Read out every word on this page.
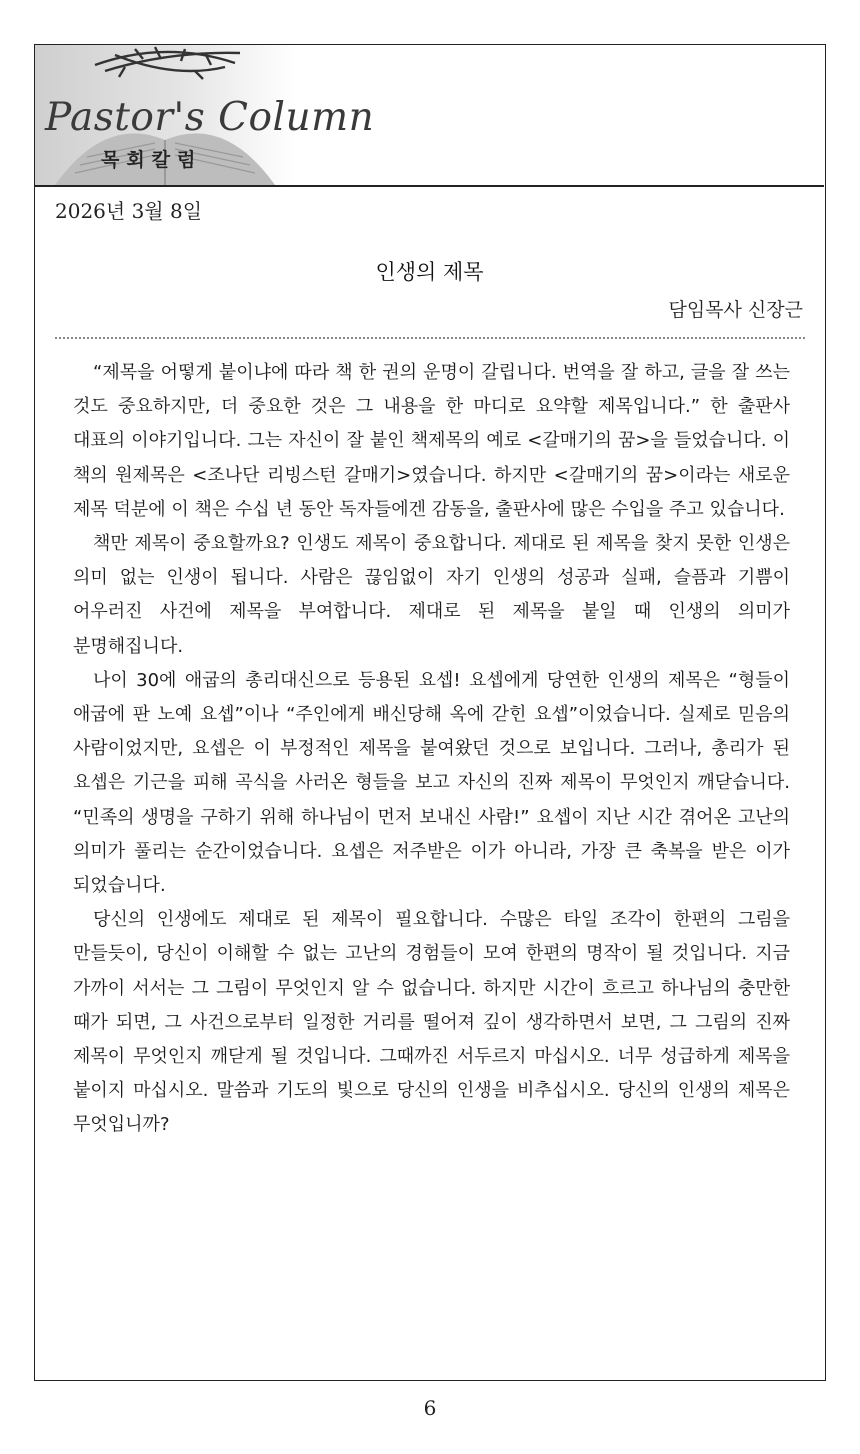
Pastor's Column
목회칼럼
2026년 3월 8일
인생의 제목
담임목사 신장근

“제목을 어떻게 붙이냐에 따라 책 한 권의 운명이 갈립니다. 번역을 잘 하고, 글을 잘 쓰는 것도 중요하지만, 더 중요한 것은 그 내용을 한 마디로 요약할 제목입니다.” 한 출판사 대표의 이야기입니다. 그는 자신이 잘 붙인 책제목의 예로 <갈매기의 꿈>을 들었습니다. 이 책의 원제목은 <조나단 리빙스턴 갈매기>였습니다. 하지만 <갈매기의 꿈>이라는 새로운 제목 덕분에 이 책은 수십 년 동안 독자들에겐 감동을, 출판사에 많은 수입을 주고 있습니다.

책만 제목이 중요할까요? 인생도 제목이 중요합니다. 제대로 된 제목을 찾지 못한 인생은 의미 없는 인생이 됩니다. 사람은 끊임없이 자기 인생의 성공과 실패, 슬픔과 기쁨이 어우러진 사건에 제목을 부여합니다. 제대로 된 제목을 붙일 때 인생의 의미가 분명해집니다.

나이 30에 애굽의 총리대신으로 등용된 요셉! 요셉에게 당연한 인생의 제목은 “형들이 애굽에 판 노예 요셉”이나 “주인에게 배신당해 옥에 갇힌 요셉”이었습니다. 실제로 믿음의 사람이었지만, 요셉은 이 부정적인 제목을 붙여왔던 것으로 보입니다. 그러나, 총리가 된 요셉은 기근을 피해 곡식을 사러온 형들을 보고 자신의 진짜 제목이 무엇인지 깨닫습니다. “민족의 생명을 구하기 위해 하나님이 먼저 보내신 사람!” 요셉이 지난 시간 겪어온 고난의 의미가 풀리는 순간이었습니다. 요셉은 저주받은 이가 아니라, 가장 큰 축복을 받은 이가 되었습니다.

당신의 인생에도 제대로 된 제목이 필요합니다. 수많은 타일 조각이 한편의 그림을 만들듯이, 당신이 이해할 수 없는 고난의 경험들이 모여 한편의 명작이 될 것입니다. 지금 가까이 서서는 그 그림이 무엇인지 알 수 없습니다. 하지만 시간이 흐르고 하나님의 충만한 때가 되면, 그 사건으로부터 일정한 거리를 떨어져 깊이 생각하면서 보면, 그 그림의 진짜 제목이 무엇인지 깨닫게 될 것입니다. 그때까진 서두르지 마십시오. 너무 성급하게 제목을 붙이지 마십시오. 말씀과 기도의 빛으로 당신의 인생을 비추십시오. 당신의 인생의 제목은 무엇입니까?

6
